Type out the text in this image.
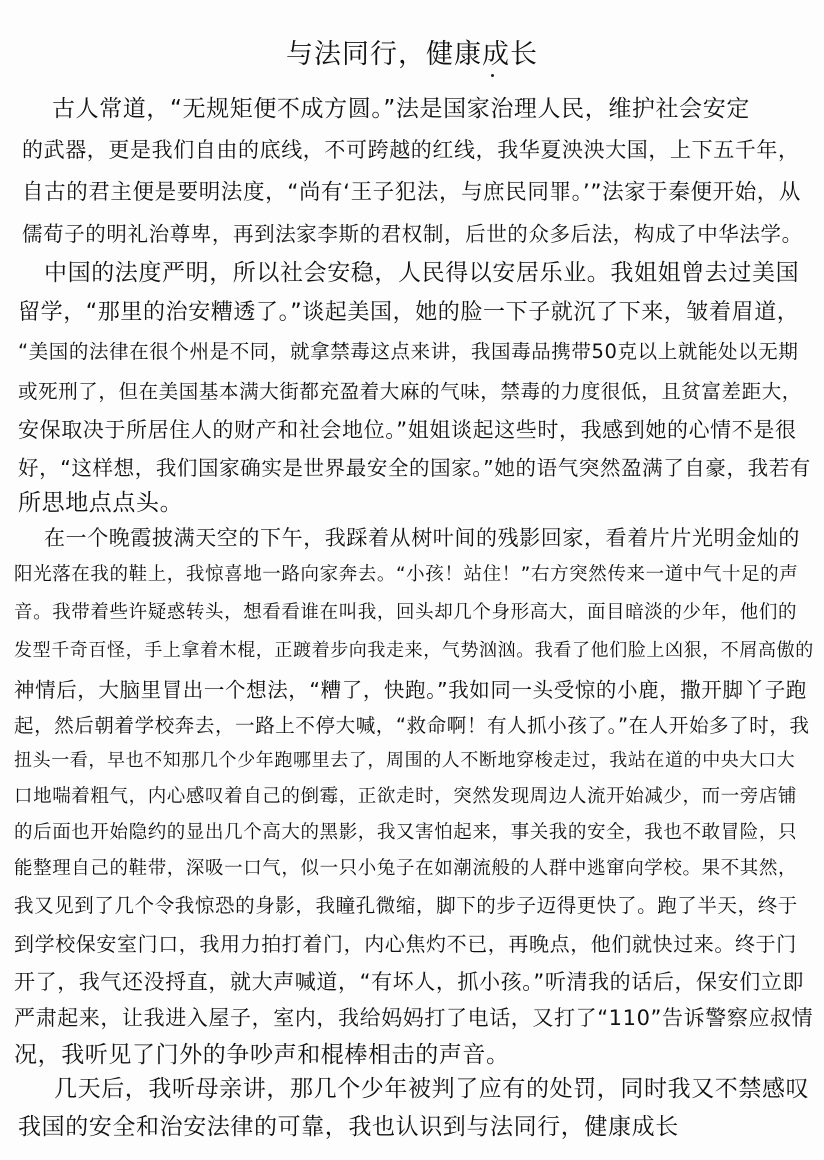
与法同行，健康成长
古人常道，“无规矩便不成方圆。”法是国家治理人民，维护社会安定
的武器，更是我们自由的底线，不可跨越的红线，我华夏泱泱大国，上下五千年，
自古的君主便是要明法度，“尚有‘王子犯法，与庶民同罪。’”法家于秦便开始，从
儒荀子的明礼治尊卑，再到法家李斯的君权制，后世的众多后法，构成了中华法学。
中国的法度严明，所以社会安稳，人民得以安居乐业。我姐姐曾去过美国
留学，“那里的治安糟透了。”谈起美国，她的脸一下子就沉了下来，皱着眉道，
“美国的法律在很个州是不同，就拿禁毒这点来讲，我国毒品携带50克以上就能处以无期
或死刑了，但在美国基本满大街都充盈着大麻的气味，禁毒的力度很低，且贫富差距大，
安保取决于所居住人的财产和社会地位。”姐姐谈起这些时，我感到她的心情不是很
好，“这样想，我们国家确实是世界最安全的国家。”她的语气突然盈满了自豪，我若有
所思地点点头。
在一个晚霞披满天空的下午，我踩着从树叶间的残影回家，看着片片光明金灿的
阳光落在我的鞋上，我惊喜地一路向家奔去。“小孩！站住！”右方突然传来一道中气十足的声
音。我带着些许疑惑转头，想看看谁在叫我，回头却几个身形高大，面目暗淡的少年，他们的
发型千奇百怪，手上拿着木棍，正踱着步向我走来，气势汹汹。我看了他们脸上凶狠，不屑高傲的
神情后，大脑里冒出一个想法，“糟了，快跑。”我如同一头受惊的小鹿，撒开脚丫子跑
起，然后朝着学校奔去，一路上不停大喊，“救命啊！有人抓小孩了。”在人开始多了时，我
扭头一看，早也不知那几个少年跑哪里去了，周围的人不断地穿梭走过，我站在道的中央大口大
口地喘着粗气，内心感叹着自己的倒霉，正欲走时，突然发现周边人流开始减少，而一旁店铺
的后面也开始隐约的显出几个高大的黑影，我又害怕起来，事关我的安全，我也不敢冒险，只
能整理自己的鞋带，深吸一口气，似一只小兔子在如潮流般的人群中逃窜向学校。果不其然，
我又见到了几个令我惊恐的身影，我瞳孔微缩，脚下的步子迈得更快了。跑了半天，终于
到学校保安室门口，我用力拍打着门，内心焦灼不已，再晚点，他们就快过来。终于门
开了，我气还没捋直，就大声喊道，“有坏人，抓小孩。”听清我的话后，保安们立即
严肃起来，让我进入屋子，室内，我给妈妈打了电话，又打了“110”告诉警察应叔情
况，我听见了门外的争吵声和棍棒相击的声音。
几天后，我听母亲讲，那几个少年被判了应有的处罚，同时我又不禁感叹
我国的安全和治安法律的可靠，我也认识到与法同行，健康成长
